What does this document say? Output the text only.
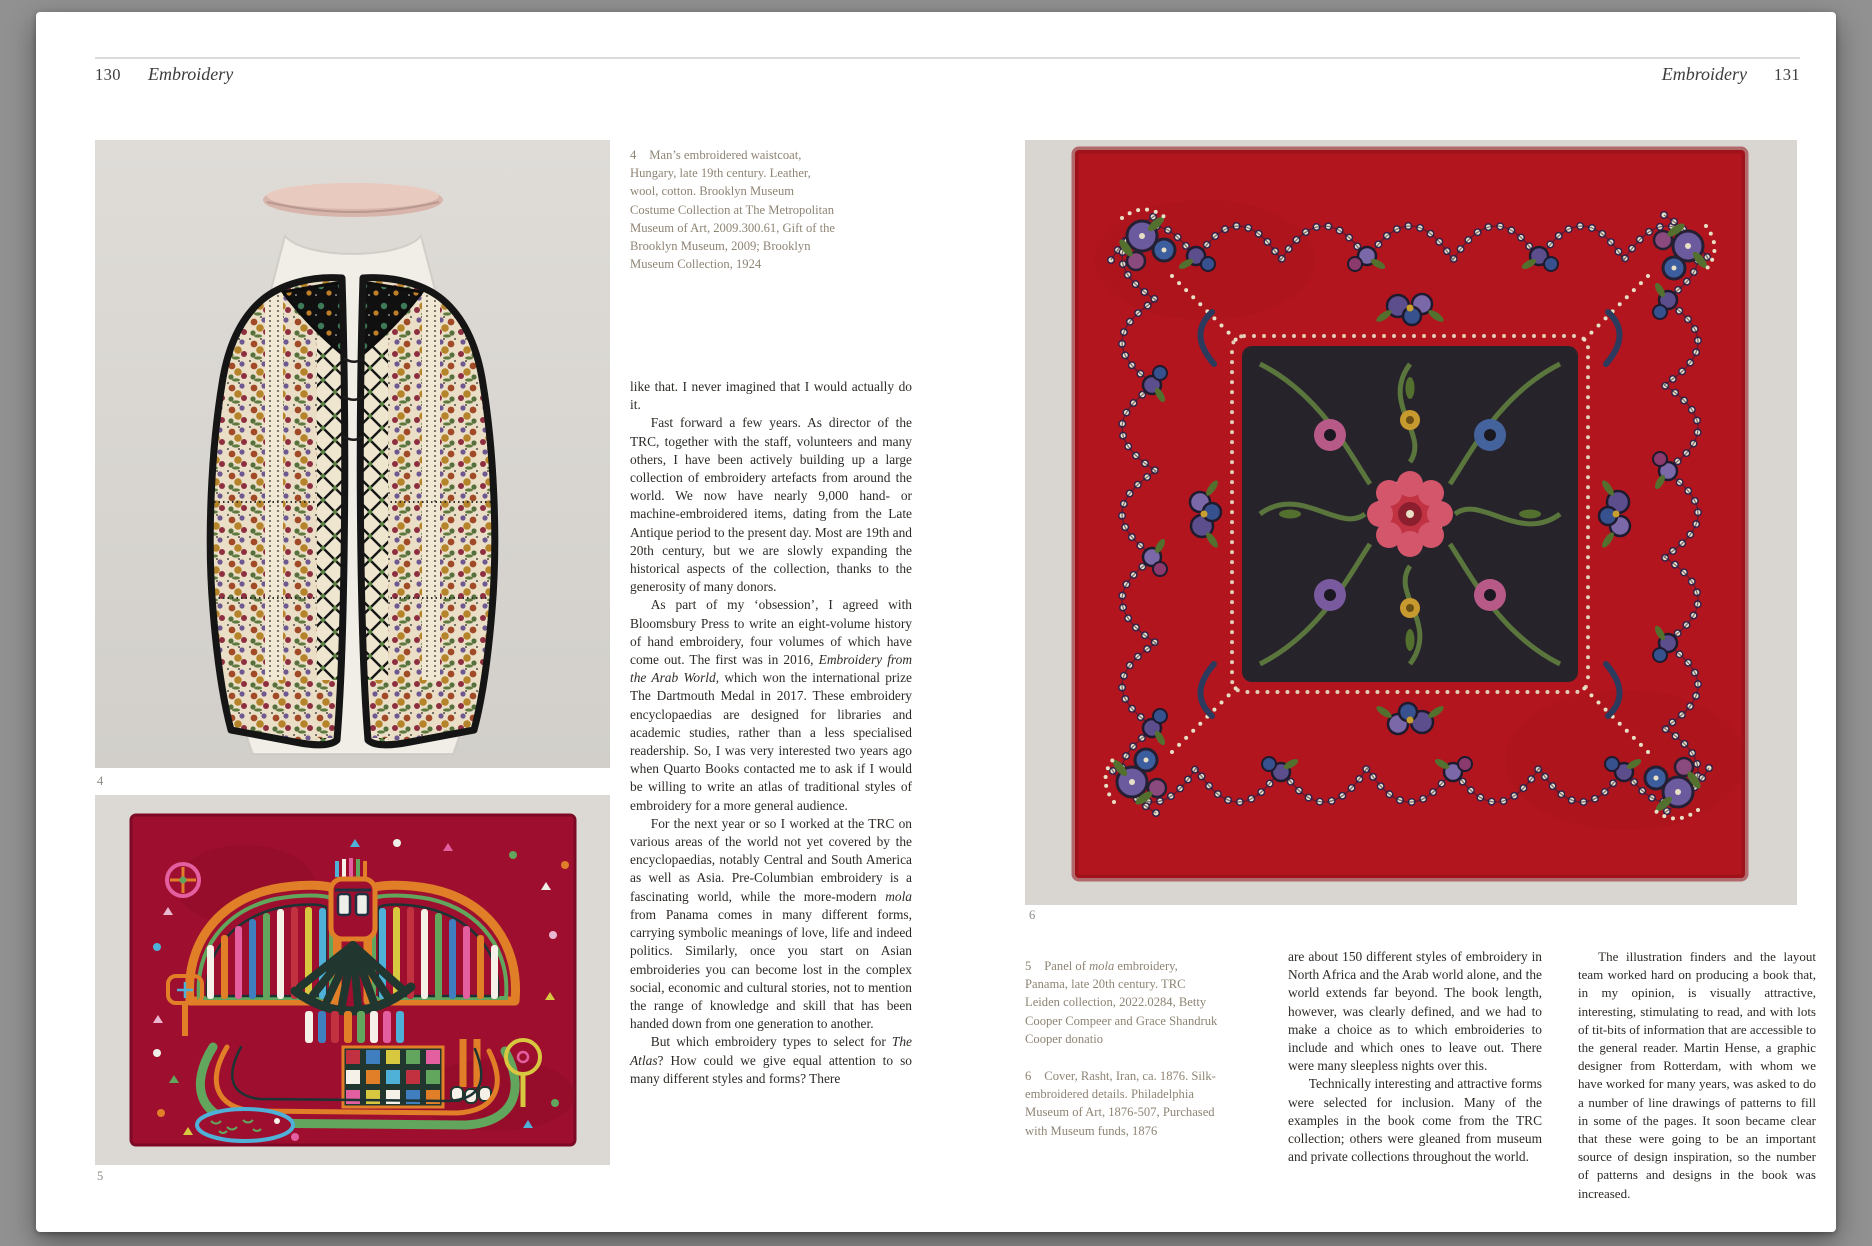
130 Embroidery	Embroidery 131
4
5
4 Man’s embroidered waistcoat, Hungary, late 19th century. Leather, wool, cotton. Brooklyn Museum Costume Collection at The Metropolitan Museum of Art, 2009.300.61, Gift of the Brooklyn Museum, 2009; Brooklyn Museum Collection, 1924

like that. I never imagined that I would actually do it.

Fast forward a few years. As director of the TRC, together with the staff, volunteers and many others, I have been actively building up a large collection of embroidery artefacts from around the world. We now have nearly 9,000 hand- or machine-embroidered items, dating from the Late Antique period to the present day. Most are 19th and 20th century, but we are slowly expanding the historical aspects of the collection, thanks to the generosity of many donors.

As part of my ‘obsession’, I agreed with Bloomsbury Press to write an eight-volume history of hand embroidery, four volumes of which have come out. The first was in 2016, Embroidery from the Arab World, which won the international prize The Dartmouth Medal in 2017. These embroidery encyclopaedias are designed for libraries and academic studies, rather than a less specialised readership. So, I was very interested two years ago when Quarto Books contacted me to ask if I would be willing to write an atlas of traditional styles of embroidery for a more general audience.

For the next year or so I worked at the TRC on various areas of the world not yet covered by the encyclopaedias, notably Central and South America as well as Asia. Pre-Columbian embroidery is a fascinating world, while the more-modern mola from Panama comes in many different forms, carrying symbolic meanings of love, life and indeed politics. Similarly, once you start on Asian embroideries you can become lost in the complex social, economic and cultural stories, not to mention the range of knowledge and skill that has been handed down from one generation to another.

But which embroidery types to select for The Atlas? How could we give equal attention to so many different styles and forms? There

6
5 Panel of mola embroidery, Panama, late 20th century. TRC Leiden collection, 2022.0284, Betty Cooper Compeer and Grace Shandruk Cooper donatio
6 Cover, Rasht, Iran, ca. 1876. Silk-embroidered details. Philadelphia Museum of Art, 1876-507, Purchased with Museum funds, 1876

are about 150 different styles of embroidery in North Africa and the Arab world alone, and the world extends far beyond. The book length, however, was clearly defined, and we had to make a choice as to which embroideries to include and which ones to leave out. There were many sleepless nights over this.

Technically interesting and attractive forms were selected for inclusion. Many of the examples in the book come from the TRC collection; others were gleaned from museum and private collections throughout the world.

The illustration finders and the layout team worked hard on producing a book that, in my opinion, is visually attractive, interesting, stimulating to read, and with lots of tit-bits of information that are accessible to the general reader. Martin Hense, a graphic designer from Rotterdam, with whom we have worked for many years, was asked to do a number of line drawings of patterns to fill in some of the pages. It soon became clear that these were going to be an important source of design inspiration, so the number of patterns and designs in the book was increased.
